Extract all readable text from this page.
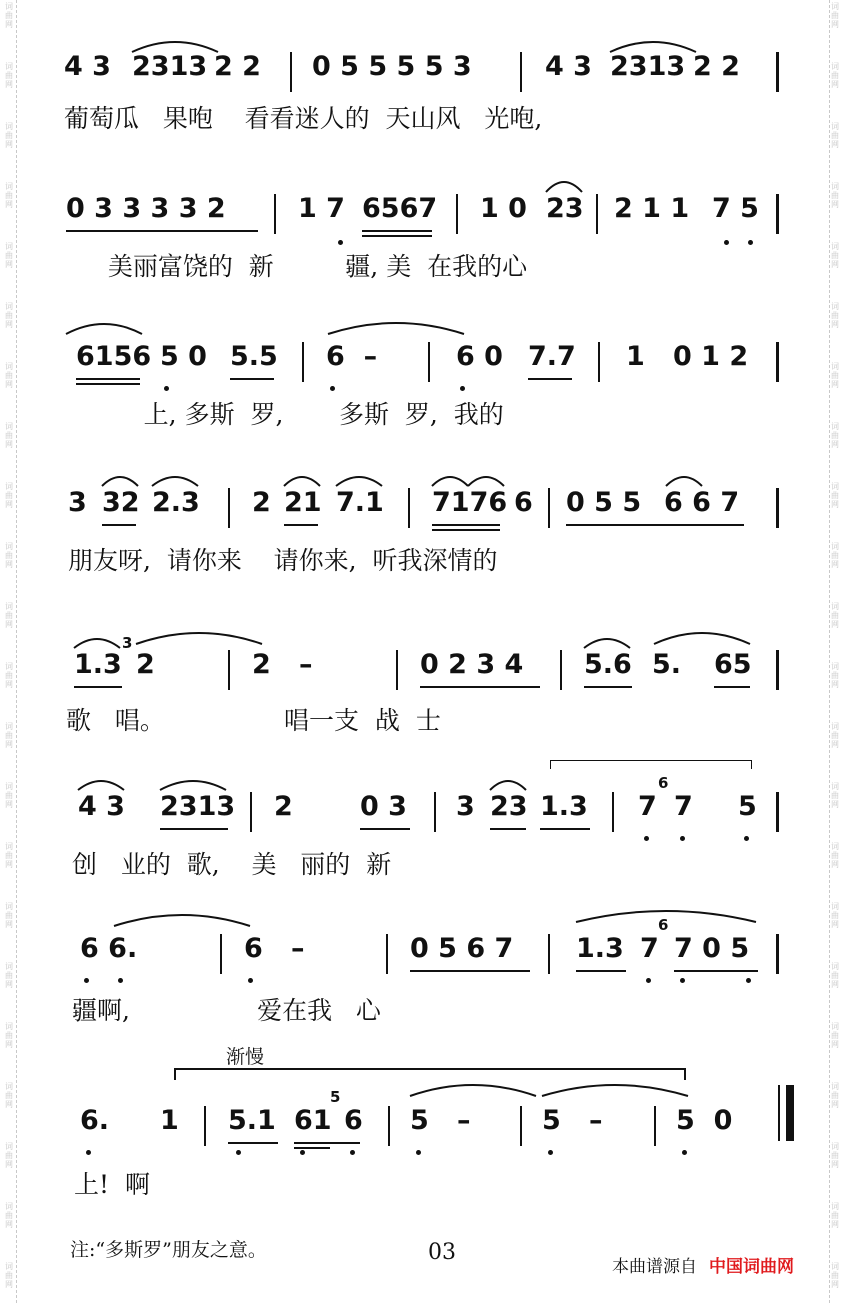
词
曲
网
词
曲
网
词
曲
网
词
曲
网
词
曲
网
词
曲
网
词
曲
网
词
曲
网
词
曲
网
词
曲
网
词
曲
网
词
曲
网
词
曲
网
词
曲
网
词
曲
网
词
曲
网
词
曲
网
词
曲
网
词
曲
网
词
曲
网
词
曲
网
词
曲
网
词
曲
网
词
曲
网
词
曲
网
词
曲
网
词
曲
网
词
曲
网
词
曲
网
词
曲
网
词
曲
网
词
曲
网
词
曲
网
词
曲
网
词
曲
网
词
曲
网
词
曲
网
词
曲
网
词
曲
网
词
曲
网
词
曲
网
词
曲
网
词
曲
网
词
曲
网
4 3 2313 2 2 0 5 5 5 5 3	4 3 2313 2 2
葡萄瓜   果咆    看看迷人的  天山风   光咆,
0 3 3 3 3 2	1 7 6567 1 0 23 2 1 1 7 5
美丽富饶的  新         疆, 美  在我的心
6156 5 0 5.5 6  –	6 0 7.7 1   0 1 2
上, 多斯  罗,       多斯  罗,  我的
3 32 2.3 2 21 7.1 7176 6 0 5 5 6 6 7
朋友呀,  请你来    请你来,  听我深情的
1.3
3
2	2   –	0 2 3 4 5.6 5. 65
歌   唱。               唱一支  战  士
4 3 2313 2 0 3 3 23 1.3 7
6
7 5
创   业的  歌,    美   丽的  新
6 6.	6   –	0 5 6 7 1.3 7
6
7 0 5
疆啊,                爱在我   心
渐慢
6. 1 5.1 61
5
6 5   –	5   –	5  0
上!  啊
注:“多斯罗”朋友之意。	03
本曲谱源自 中国词曲网
